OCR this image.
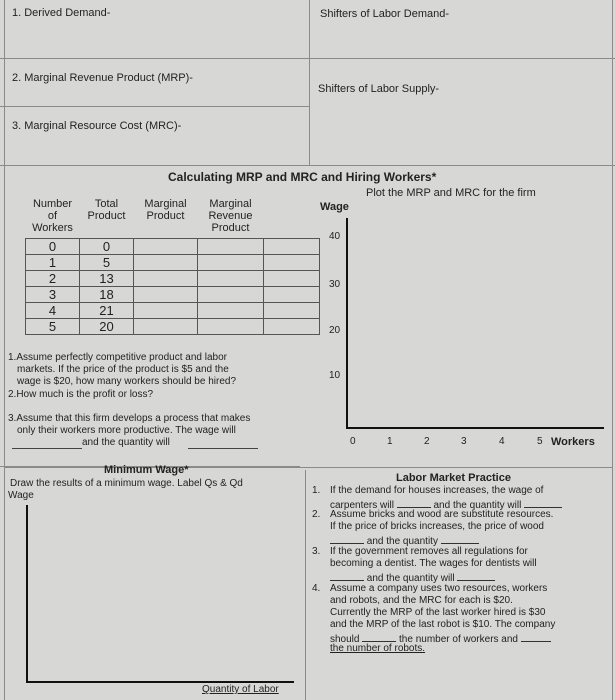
1. Derived Demand-	Shifters of Labor Demand-
2. Marginal Revenue Product (MRP)-
Shifters of Labor Supply-
3. Marginal Resource Cost (MRC)-
Calculating MRP and MRC and Hiring Workers*
Plot the MRP and MRC for the firm
Number of Workers	Total Product	Marginal Product	Marginal Revenue Product	
0	0			
1	5			
2	13			
3	18			
4	21			
5	20			
1.Assume perfectly competitive product and labor
markets. If the price of the product is $5 and the
wage is $20, how many workers should be hired?
2.How much is the profit or loss?
3.Assume that this firm develops a process that makes
only their workers more productive. The wage will
and the quantity will
Wage
40
30
20
10
0	1	2	3	4	5 Workers
Minimum Wage*
Draw the results of a minimum wage. Label Qs & Qd
Wage
Quantity of Labor
Labor Market Practice
1. If the demand for houses increases, the wage of
carpenters will	and the quantity will
2. Assume bricks and wood are substitute resources.
If the price of bricks increases, the price of wood
and the quantity
3. If the government removes all regulations for
becoming a dentist. The wages for dentists will
and the quantity will
4. Assume a company uses two resources, workers
and robots, and the MRC for each is $20.
Currently the MRP of the last worker hired is $30
and the MRP of the last robot is $10. The company
should	the number of workers and
the number of robots.
